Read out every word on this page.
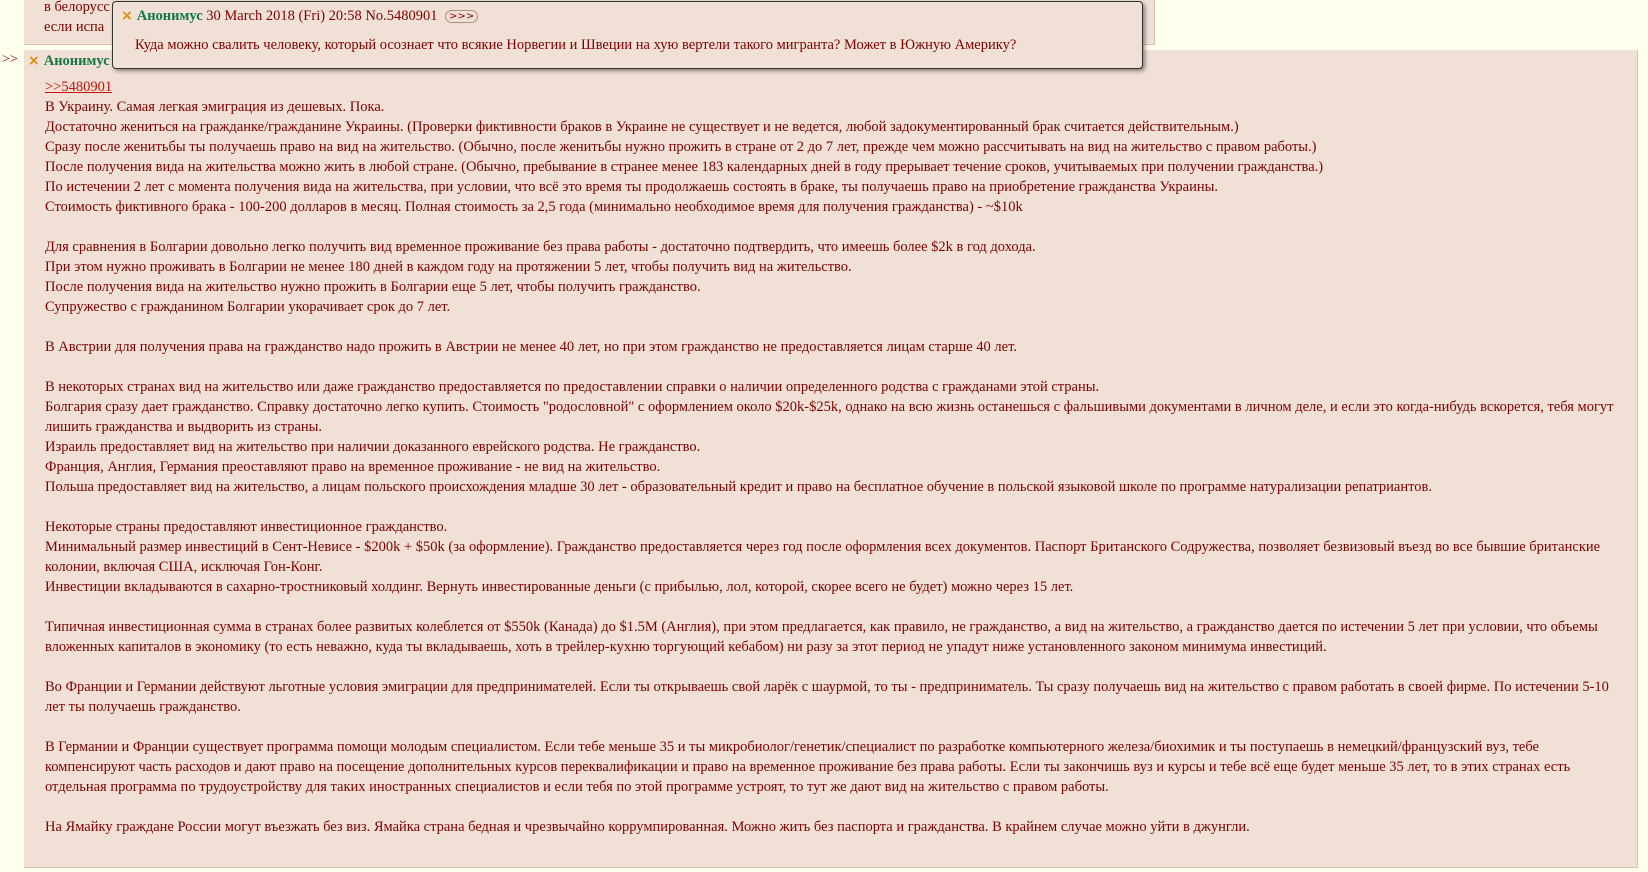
в белорусс
если испа
>> × Анонимус
>>5480901
В Украину. Самая легкая эмиграция из дешевых. Пока.
Достаточно жениться на гражданке/гражданине Украины. (Проверки фиктивности браков в Украине не существует и не ведется, любой задокументированный брак считается действительным.)
Сразу после женитьбы ты получаешь право на вид на жительство. (Обычно, после женитьбы нужно прожить в стране от 2 до 7 лет, прежде чем можно рассчитывать на вид на жительство с правом работы.)
После получения вида на жительства можно жить в любой стране. (Обычно, пребывание в странее менее 183 календарных дней в году прерывает течение сроков, учитываемых при получении гражданства.)
По истечении 2 лет с момента получения вида на жительства, при условии, что всё это время ты продолжаешь состоять в браке, ты получаешь право на приобретение гражданства Украины.
Стоимость фиктивного брака - 100-200 долларов в месяц. Полная стоимость за 2,5 года (минимально необходимое время для получения гражданства) - ~$10k
Для сравнения в Болгарии довольно легко получить вид временное проживание без права работы - достаточно подтвердить, что имеешь более $2k в год дохода.
При этом нужно проживать в Болгарии не менее 180 дней в каждом году на протяжении 5 лет, чтобы получить вид на жительство.
После получения вида на жительство нужно прожить в Болгарии еще 5 лет, чтобы получить гражданство.
Супружество с гражданином Болгарии укорачивает срок до 7 лет.
В Австрии для получения права на гражданство надо прожить в Австрии не менее 40 лет, но при этом гражданство не предоставляется лицам старше 40 лет.
В некоторых странах вид на жительство или даже гражданство предоставляется по предоставлении справки о наличии определенного родства с гражданами этой страны.
Болгария сразу дает гражданство. Справку достаточно легко купить. Стоимость "родословной" с оформлением около $20k-$25k, однако на всю жизнь останешься с фальшивыми документами в личном деле, и если это когда-нибудь вскорется, тебя могут лишить гражданства и выдворить из страны.
Израиль предоставляет вид на жительство при наличии доказанного еврейского родства. Не гражданство.
Франция, Англия, Германия преоставляют право на временное проживание - не вид на жительство.
Польша предоставляет вид на жительство, а лицам польского происхождения младше 30 лет - образовательный кредит и право на бесплатное обучение в польской языковой школе по программе натурализации репатриантов.
Некоторые страны предоставляют инвестиционное гражданство.
Минимальный размер инвестиций в Сент-Невисе - $200k + $50k (за оформление). Гражданство предоставляется через год после оформления всех документов. Паспорт Британского Содружества, позволяет безвизовый въезд во все бывшие британские колонии, включая США, исключая Гон-Конг.
Инвестиции вкладываются в сахарно-тростниковый холдинг. Вернуть инвестированные деньги (с прибылью, лол, которой, скорее всего не будет) можно через 15 лет.
Типичная инвестиционная сумма в странах более развитых колеблется от $550k (Канада) до $1.5M (Англия), при этом предлагается, как правило, не гражданство, а вид на жительство, а гражданство дается по истечении 5 лет при условии, что объемы вложенных капиталов в экономику (то есть неважно, куда ты вкладываешь, хоть в трейлер-кухню торгующий кебабом) ни разу за этот период не упадут ниже установленного законом минимума инвестиций.
Во Франции и Германии действуют льготные условия эмиграции для предпринимателей. Если ты открываешь свой ларёк с шаурмой, то ты - предприниматель. Ты сразу получаешь вид на жительство с правом работать в своей фирме. По истечении 5-10 лет ты получаешь гражданство.
В Германии и Франции существует программа помощи молодым специалистом. Если тебе меньше 35 и ты микробиолог/генетик/специалист по разработке компьютерного железа/биохимик и ты поступаешь в немецкий/французский вуз, тебе компенсируют часть расходов и дают право на посещение дополнительных курсов переквалификации и право на временное проживание без права работы. Если ты закончишь вуз и курсы и тебе всё еще будет меньше 35 лет, то в этих странах есть отдельная программа по трудоустройству для таких иностранных специалистов и если тебя по этой программе устроят, то тут же дают вид на жительство с правом работы.
На Ямайку граждане России могут въезжать без виз. Ямайка страна бедная и чрезвычайно коррумпированная. Можно жить без паспорта и гражданства. В крайнем случае можно уйти в джунгли.
× Анонимус 30 March 2018 (Fri) 20:58 No.5480901 >>>
Куда можно свалить человеку, который осознает что всякие Норвегии и Швеции на хую вертели такого мигранта? Может в Южную Америку?
